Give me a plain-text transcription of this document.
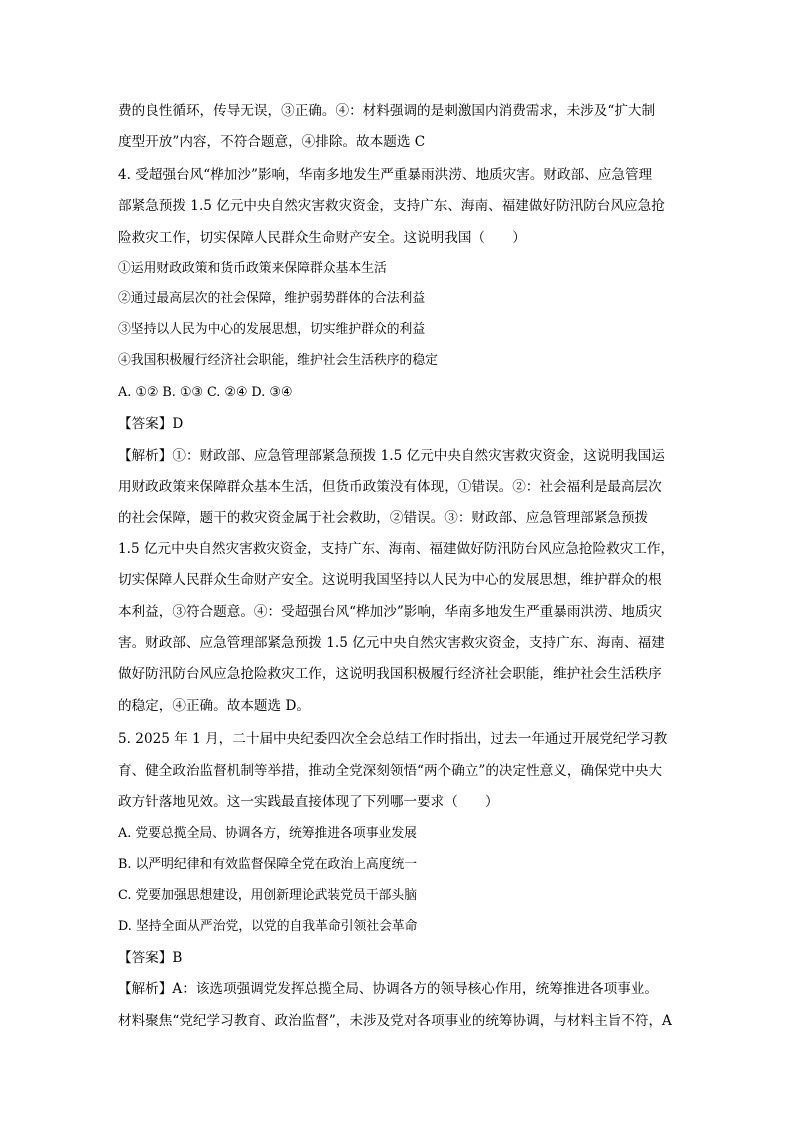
费的良性循环，传导无误，③正确。④：材料强调的是刺激国内消费需求，未涉及“扩大制
度型开放”内容，不符合题意，④排除。故本题选 C
4. 受超强台风“桦加沙”影响，华南多地发生严重暴雨洪涝、地质灾害。财政部、应急管理
部紧急预拨 1.5 亿元中央自然灾害救灾资金，支持广东、海南、福建做好防汛防台风应急抢
险救灾工作，切实保障人民群众生命财产安全。这说明我国（　　）
①运用财政政策和货币政策来保障群众基本生活
②通过最高层次的社会保障，维护弱势群体的合法利益
③坚持以人民为中心的发展思想，切实维护群众的利益
④我国积极履行经济社会职能，维护社会生活秩序的稳定
A. ①② B. ①③ C. ②④ D. ③④
【答案】D
【解析】①：财政部、应急管理部紧急预拨 1.5 亿元中央自然灾害救灾资金，这说明我国运
用财政政策来保障群众基本生活，但货币政策没有体现，①错误。②：社会福利是最高层次
的社会保障，题干的救灾资金属于社会救助，②错误。③：财政部、应急管理部紧急预拨
1.5 亿元中央自然灾害救灾资金，支持广东、海南、福建做好防汛防台风应急抢险救灾工作，
切实保障人民群众生命财产安全。这说明我国坚持以人民为中心的发展思想，维护群众的根
本利益，③符合题意。④：受超强台风“桦加沙”影响，华南多地发生严重暴雨洪涝、地质灾
害。财政部、应急管理部紧急预拨 1.5 亿元中央自然灾害救灾资金，支持广东、海南、福建
做好防汛防台风应急抢险救灾工作，这说明我国积极履行经济社会职能，维护社会生活秩序
的稳定，④正确。故本题选 D。
5. 2025 年 1 月，二十届中央纪委四次全会总结工作时指出，过去一年通过开展党纪学习教
育、健全政治监督机制等举措，推动全党深刻领悟“两个确立”的决定性意义，确保党中央大
政方针落地见效。这一实践最直接体现了下列哪一要求（　　）
A. 党要总揽全局、协调各方，统筹推进各项事业发展
B. 以严明纪律和有效监督保障全党在政治上高度统一
C. 党要加强思想建设，用创新理论武装党员干部头脑
D. 坚持全面从严治党，以党的自我革命引领社会革命
【答案】B
【解析】A：该选项强调党发挥总揽全局、协调各方的领导核心作用，统筹推进各项事业。
材料聚焦“党纪学习教育、政治监督”，未涉及党对各项事业的统筹协调，与材料主旨不符，A
